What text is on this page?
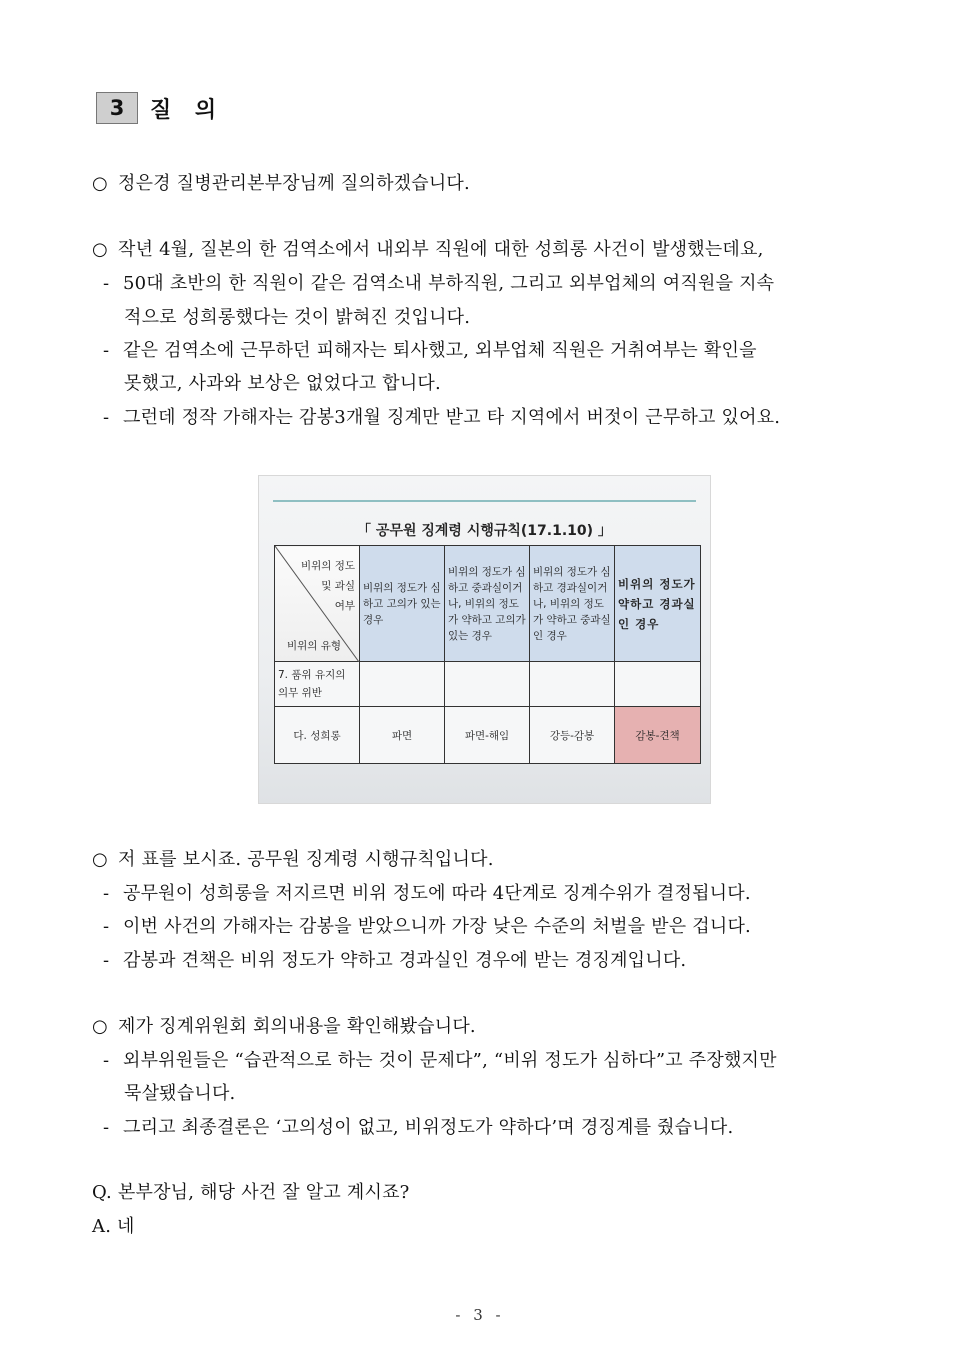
3	질 의
○ 정은경 질병관리본부장님께 질의하겠습니다.
○ 작년 4월, 질본의 한 검역소에서 내외부 직원에 대한 성희롱 사건이 발생했는데요,
- 50대 초반의 한 직원이 같은 검역소내 부하직원, 그리고 외부업체의 여직원을 지속
적으로 성희롱했다는 것이 밝혀진 것입니다.
- 같은 검역소에 근무하던 피해자는 퇴사했고, 외부업체 직원은 거취여부는 확인을
못했고, 사과와 보상은 없었다고 합니다.
- 그런데 정작 가해자는 감봉3개월 징계만 받고 타 지역에서 버젓이 근무하고 있어요.
「 공무원 징계령 시행규칙(17.1.10) 」
비위의 정도
및 과실
여부
비위의 유형	비위의 정도가 심하고 고의가 있는 경우	비위의 정도가 심하고 중과실이거나, 비위의 정도가 약하고 고의가 있는 경우	비위의 정도가 심하고 경과실이거나, 비위의 정도가 약하고 중과실인 경우	비위의 정도가 약하고 경과실인 경우
7. 품위 유지의 의무 위반				
다. 성희롱	파면	파면-해임	강등-감봉	감봉-견책
○ 저 표를 보시죠. 공무원 징계령 시행규칙입니다.
- 공무원이 성희롱을 저지르면 비위 정도에 따라 4단계로 징계수위가 결정됩니다.
- 이번 사건의 가해자는 감봉을 받았으니까 가장 낮은 수준의 처벌을 받은 겁니다.
- 감봉과 견책은 비위 정도가 약하고 경과실인 경우에 받는 경징계입니다.
○ 제가 징계위원회 회의내용을 확인해봤습니다.
- 외부위원들은 “습관적으로 하는 것이 문제다”, “비위 정도가 심하다”고 주장했지만
묵살됐습니다.
- 그리고 최종결론은 ‘고의성이 없고, 비위정도가 약하다’며 경징계를 줬습니다.
Q. 본부장님, 해당 사건 잘 알고 계시죠?
A. 네
- 3 -
